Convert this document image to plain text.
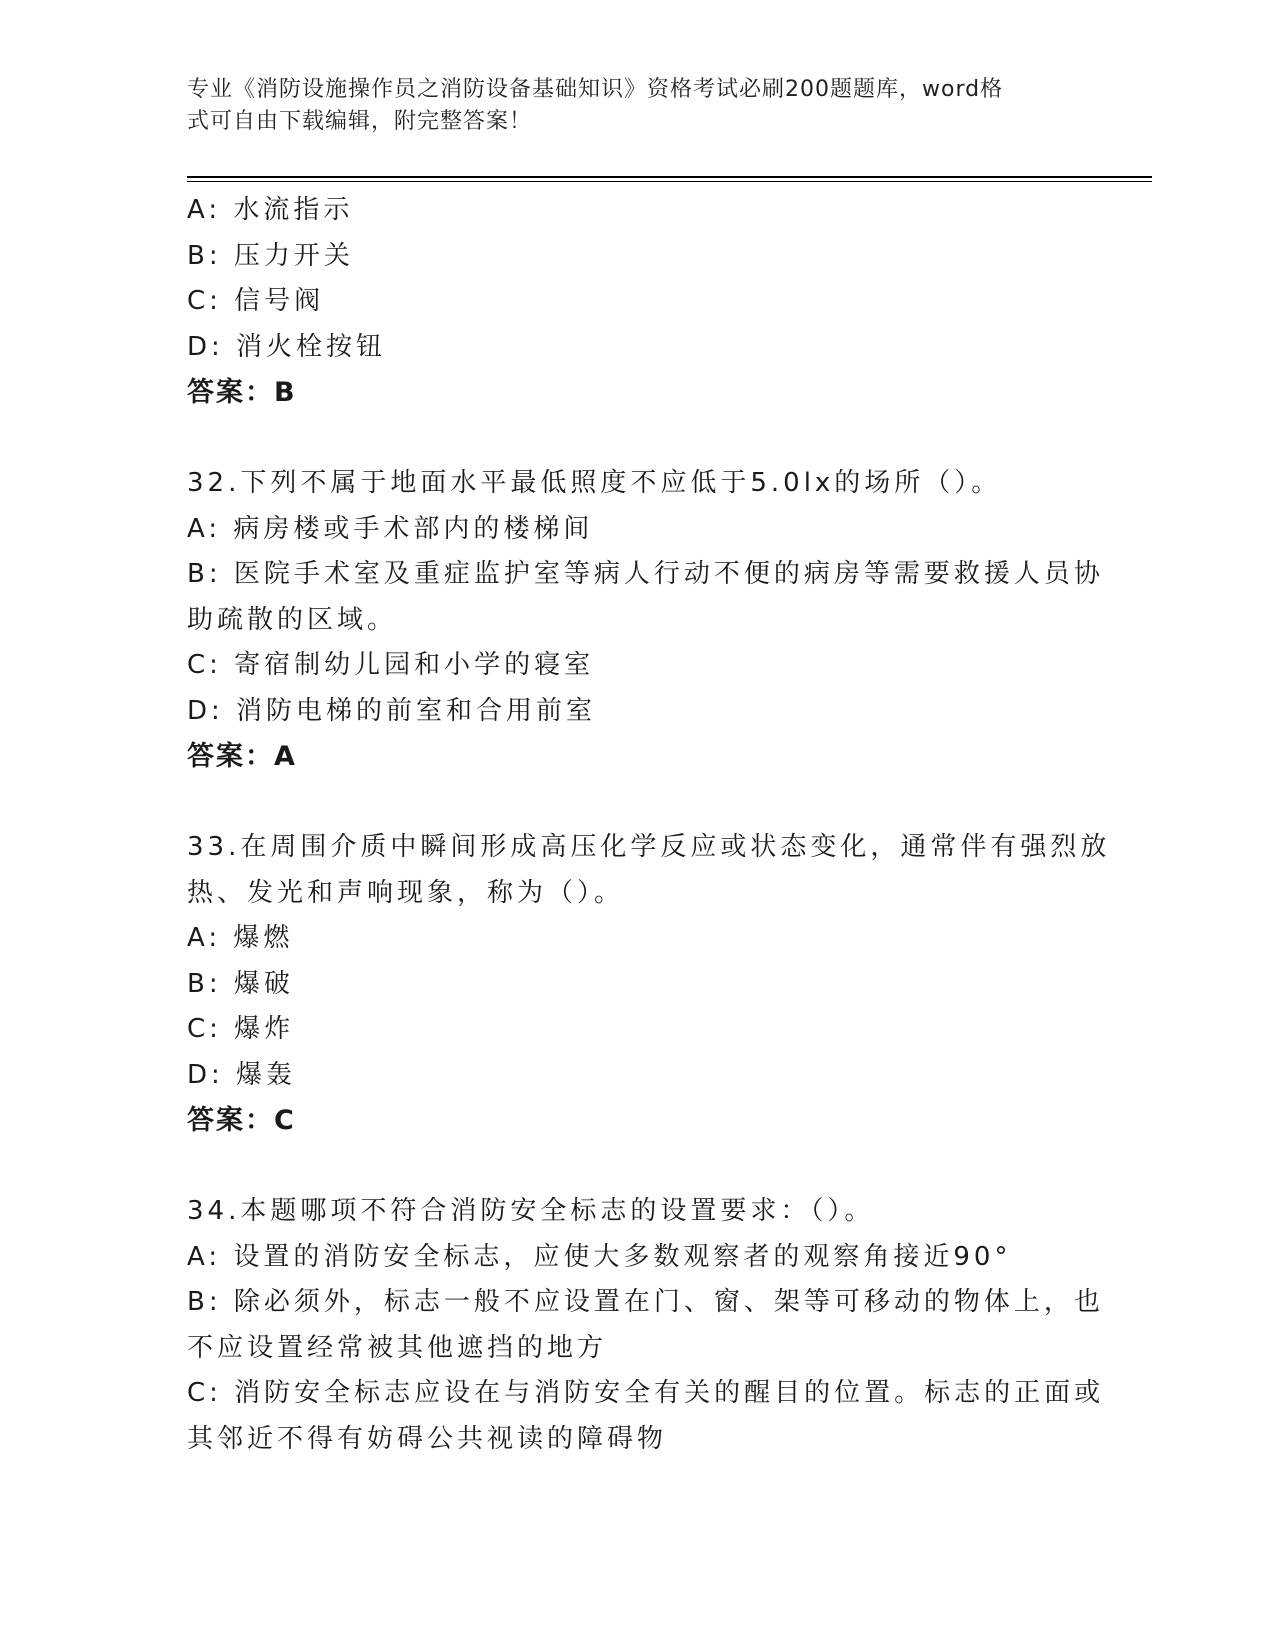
专业《消防设施操作员之消防设备基础知识》资格考试必刷200题题库，word格
式可自由下载编辑，附完整答案！
A: 水流指示
B: 压力开关
C: 信号阀
D: 消火栓按钮
答案：B
32.下列不属于地面水平最低照度不应低于5.0lx的场所（）。
A: 病房楼或手术部内的楼梯间
B: 医院手术室及重症监护室等病人行动不便的病房等需要救援人员协
助疏散的区域。
C: 寄宿制幼儿园和小学的寝室
D: 消防电梯的前室和合用前室
答案：A
33.在周围介质中瞬间形成高压化学反应或状态变化，通常伴有强烈放
热、发光和声响现象，称为（）。
A: 爆燃
B: 爆破
C: 爆炸
D: 爆轰
答案：C
34.本题哪项不符合消防安全标志的设置要求：（）。
A: 设置的消防安全标志，应使大多数观察者的观察角接近90°
B: 除必须外，标志一般不应设置在门、窗、架等可移动的物体上，也
不应设置经常被其他遮挡的地方
C: 消防安全标志应设在与消防安全有关的醒目的位置。标志的正面或
其邻近不得有妨碍公共视读的障碍物
